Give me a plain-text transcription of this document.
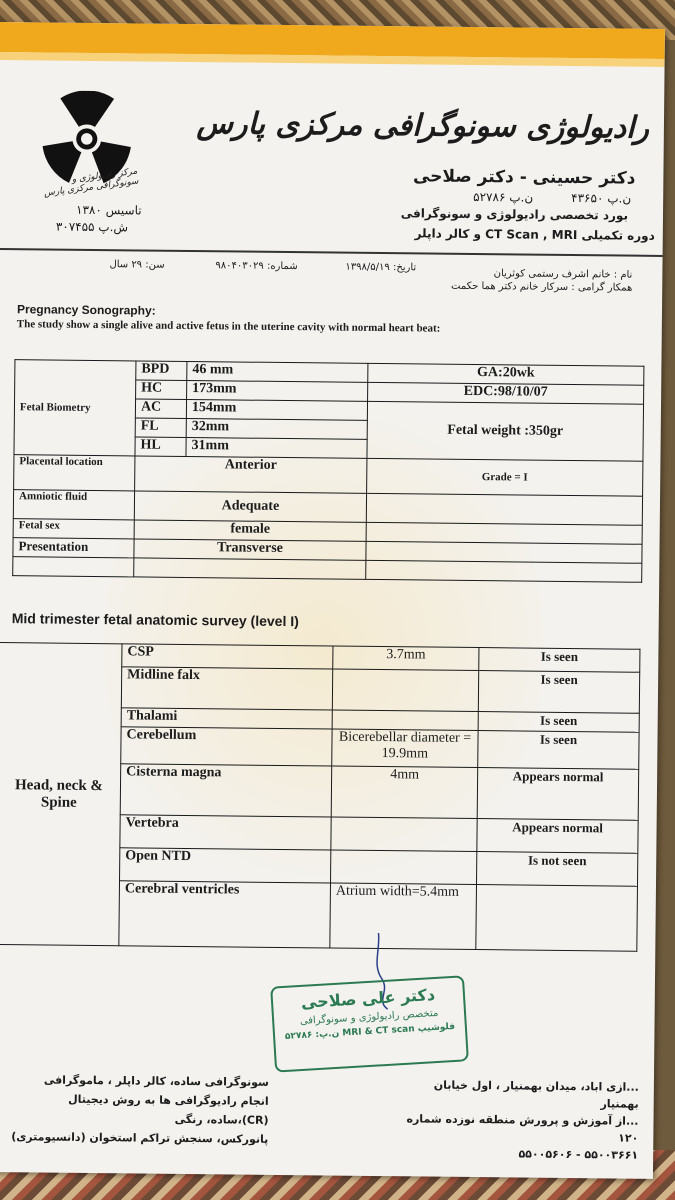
مرکز رادیولوژی و سونوگرافی مرکزی پارس
تاسیس ۱۳۸۰
ش.پ ۳۰۷۴۵۵
رادیولوژی سونوگرافی مرکزی پارس
دکتر حسینی - دکتر صلاحی
ن.پ ۴۳۶۵۰
ن.پ ۵۲۷۸۶
بورد تخصصی رادیولوژی و سونوگرافی
دوره تکمیلی CT Scan , MRI و کالر داپلر
نام : خانم اشرف رستمی کوثریان
همکار گرامی : سرکار خانم دکتر هما حکمت
تاریخ: ۱۳۹۸/۵/۱۹
شماره: ۹۸۰۴۰۳۰۲۹
سن: ۲۹ سال
Pregnancy Sonography:
The study show a single alive and active fetus in the uterine cavity with normal heart beat:
Fetal Biometry	BPD	46 mm	GA:20wk
	HC	173mm	EDC:98/10/07
	AC	154mm	Fetal weight :350gr
	FL	32mm	
	HL	31mm	
Placental location	Anterior		Grade = I
Amniotic fluid	Adequate		
Fetal sex	female		
Presentation	Transverse		

Mid trimester fetal anatomic survey (level I)
Head, neck & Spine	CSP	3.7mm	Is seen
	Midline falx		Is seen
	Thalami		Is seen
	Cerebellum	Bicerebellar diameter = 19.9mm	Is seen
	Cisterna magna	4mm	Appears normal
	Vertebra		Appears normal
	Open NTD		Is not seen
	Cerebral ventricles	Atrium width=5.4mm	
دکتر علی صلاحی
متخصص رادیولوژی و سونوگرافی
فلوشیپ MRI & CT scan ن.پ: ۵۲۷۸۶
...ازی اباد، میدان بهمنیار ، اول خیابان بهمنیار
...از آموزش و پرورش منطقه نوزده شماره ۱۲۰
۵۵۰۰۳۶۶۱ - ۵۵۰۰۵۶۰۶
سونوگرافی ساده، کالر داپلر ، ماموگرافی
انجام رادیوگرافی ها به روش دیجیتال (CR)،ساده، رنگی
پانورکس، سنجش تراکم استخوان (دانسیومتری)
